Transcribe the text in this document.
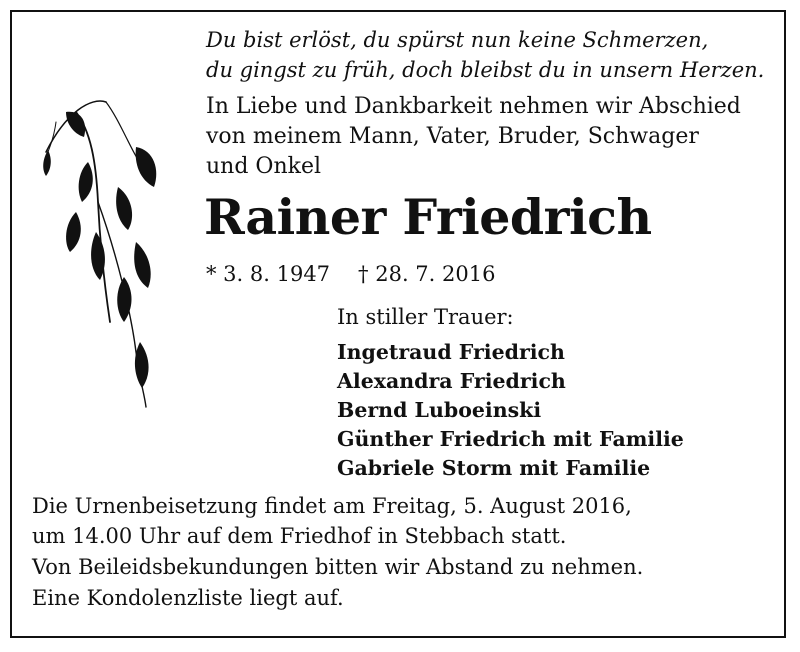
Du bist erlöst, du spürst nun keine Schmerzen,
du gingst zu früh, doch bleibst du in unsern Herzen.
In Liebe und Dankbarkeit nehmen wir Abschied
von meinem Mann, Vater, Bruder, Schwager
und Onkel
Rainer Friedrich
* 3. 8. 1947 † 28. 7. 2016
In stiller Trauer:
Ingetraud Friedrich
Alexandra Friedrich
Bernd Luboeinski
Günther Friedrich mit Familie
Gabriele Storm mit Familie
Die Urnenbeisetzung findet am Freitag, 5. August 2016,
um 14.00 Uhr auf dem Friedhof in Stebbach statt.
Von Beileidsbekundungen bitten wir Abstand zu nehmen.
Eine Kondolenzliste liegt auf.
